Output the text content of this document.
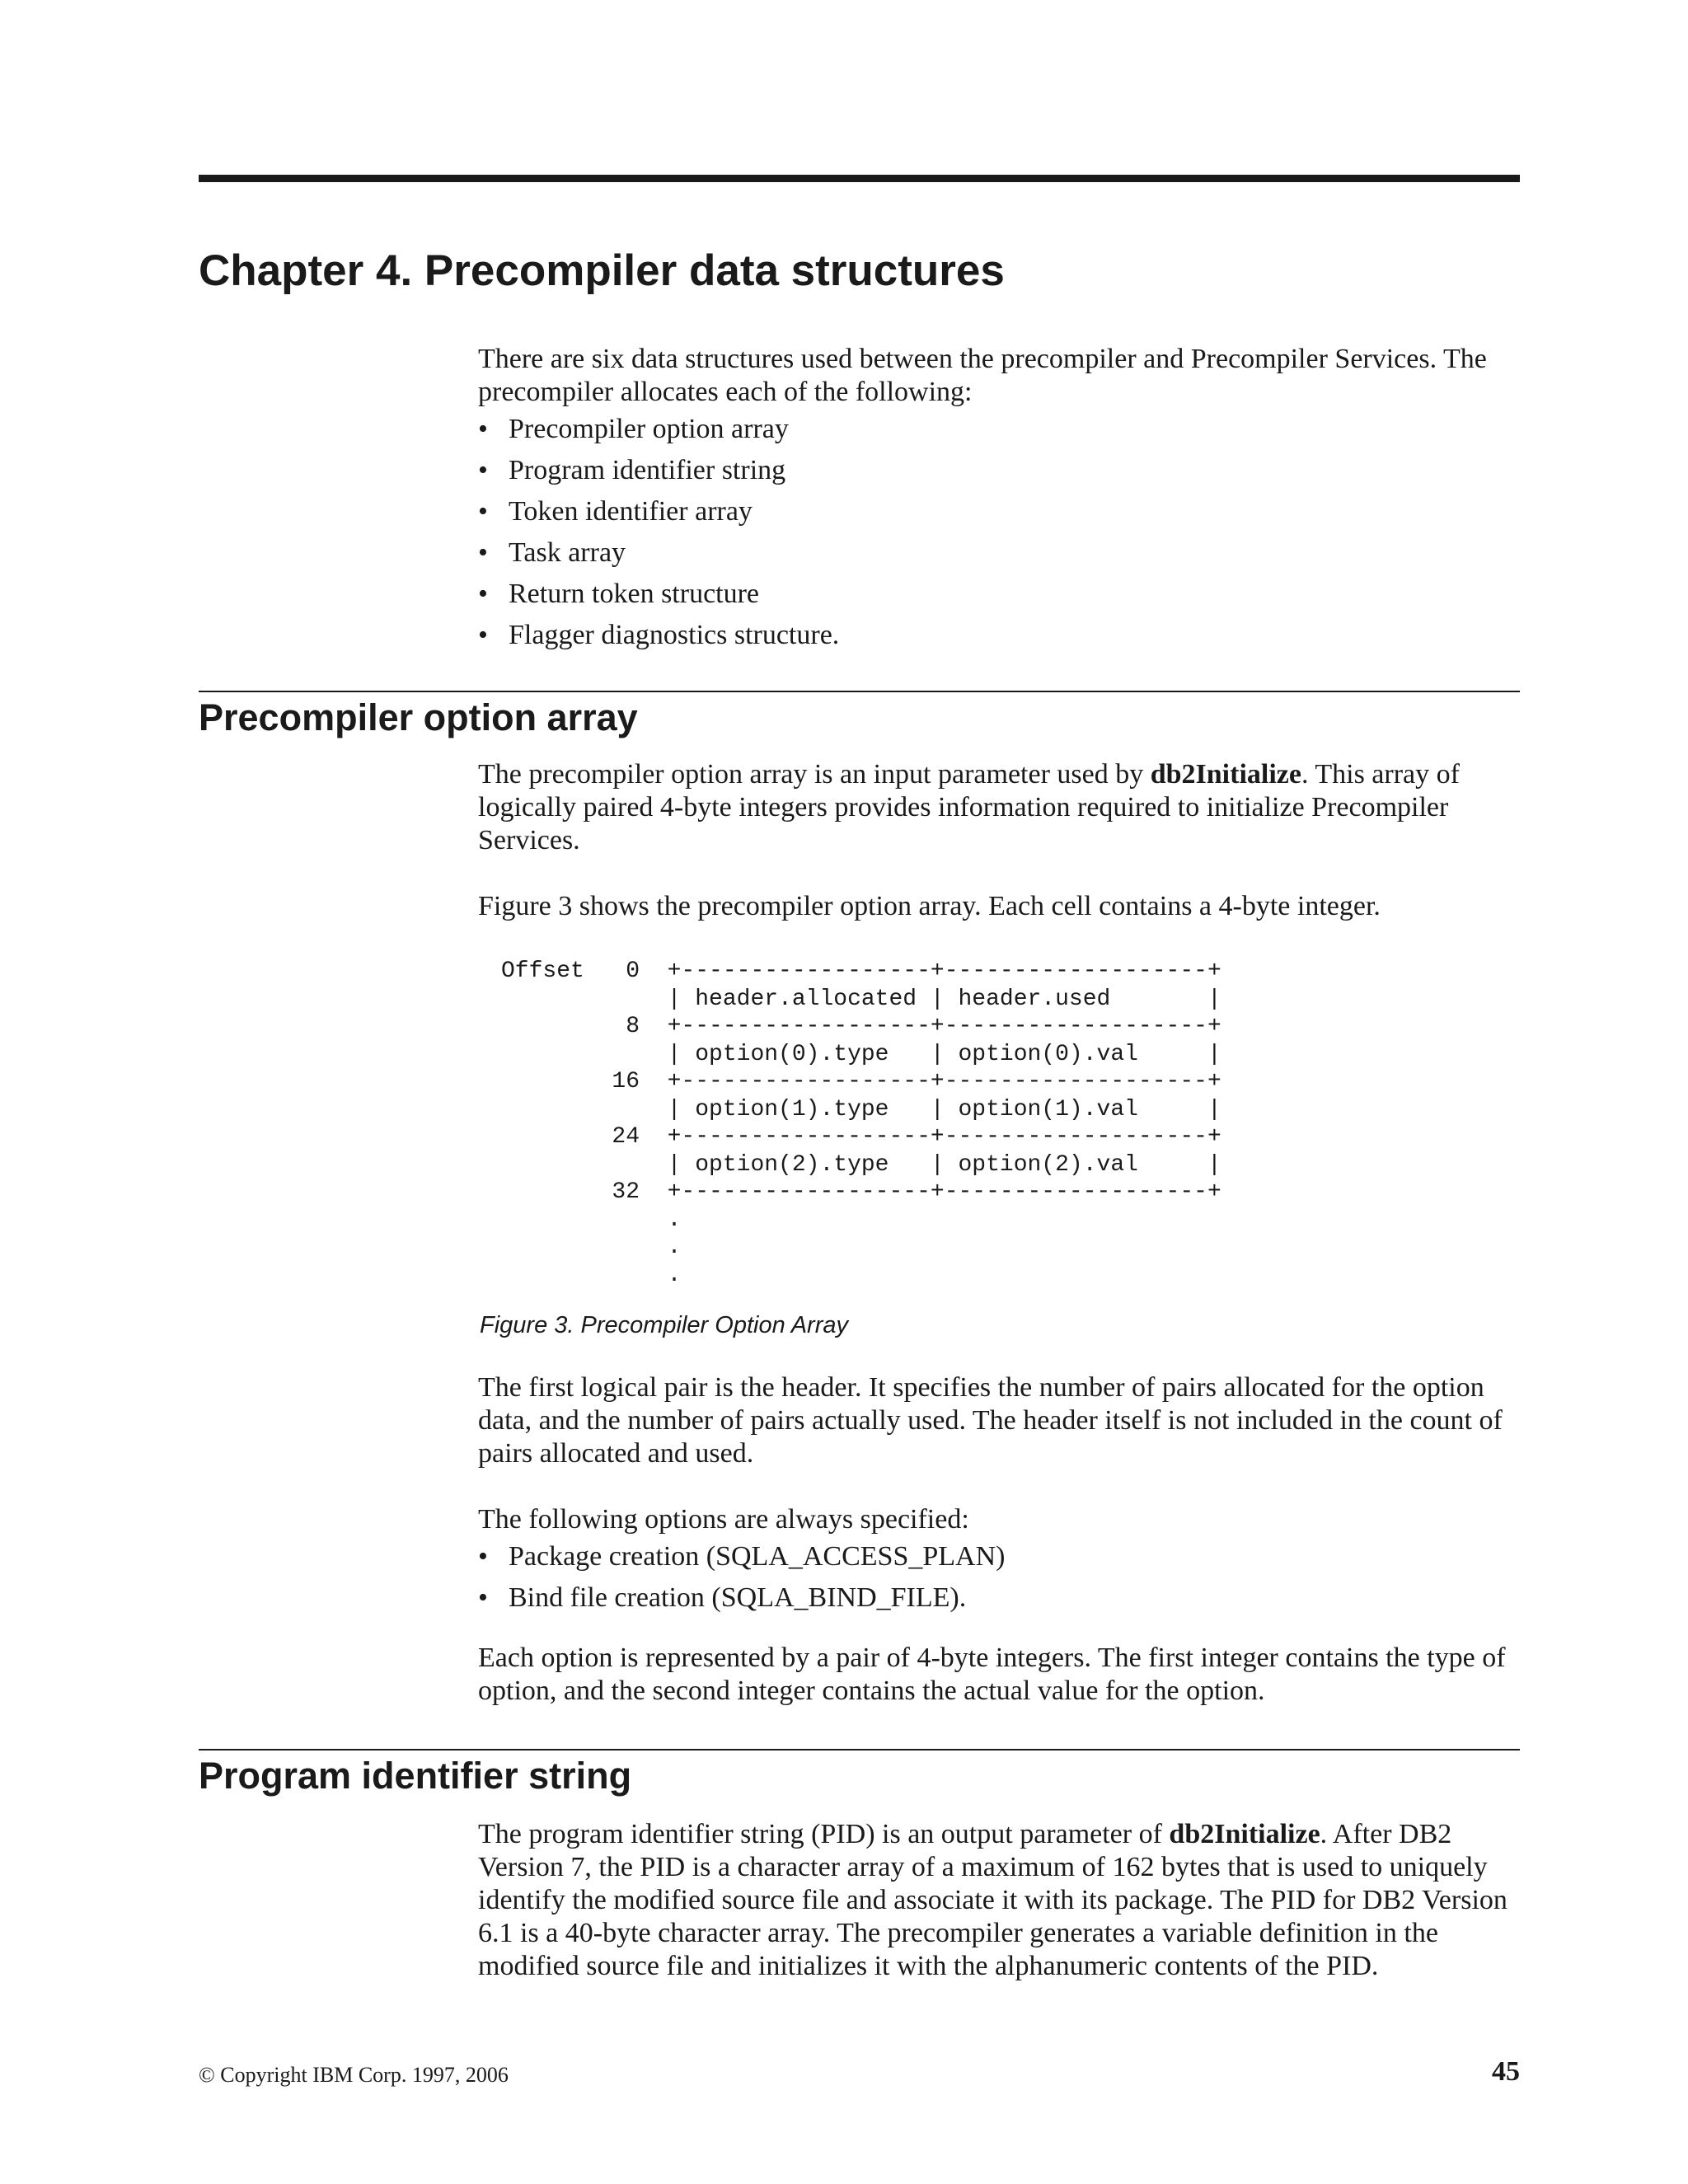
Chapter 4. Precompiler data structures

There are six data structures used between the precompiler and Precompiler Services. The precompiler allocates each of the following:

• Precompiler option array
• Program identifier string
• Token identifier array
• Task array
• Return token structure
• Flagger diagnostics structure.
Precompiler option array

The precompiler option array is an input parameter used by db2Initialize. This array of logically paired 4-byte integers provides information required to initialize Precompiler Services.

Figure 3 shows the precompiler option array. Each cell contains a 4-byte integer.

Offset   0  +------------------+-------------------+
| header.allocated | header.used       |
8  +------------------+-------------------+
| option(0).type   | option(0).val     |
16  +------------------+-------------------+
| option(1).type   | option(1).val     |
24  +------------------+-------------------+
| option(2).type   | option(2).val     |
32  +------------------+-------------------+
.
.
.

Figure 3. Precompiler Option Array

The first logical pair is the header. It specifies the number of pairs allocated for the option data, and the number of pairs actually used. The header itself is not included in the count of pairs allocated and used.

The following options are always specified:

• Package creation (SQLA_ACCESS_PLAN)
• Bind file creation (SQLA_BIND_FILE).

Each option is represented by a pair of 4-byte integers. The first integer contains the type of option, and the second integer contains the actual value for the option.

Program identifier string

The program identifier string (PID) is an output parameter of db2Initialize. After DB2 Version 7, the PID is a character array of a maximum of 162 bytes that is used to uniquely identify the modified source file and associate it with its package. The PID for DB2 Version 6.1 is a 40-byte character array. The precompiler generates a variable definition in the modified source file and initializes it with the alphanumeric contents of the PID.

© Copyright IBM Corp. 1997, 2006	45
